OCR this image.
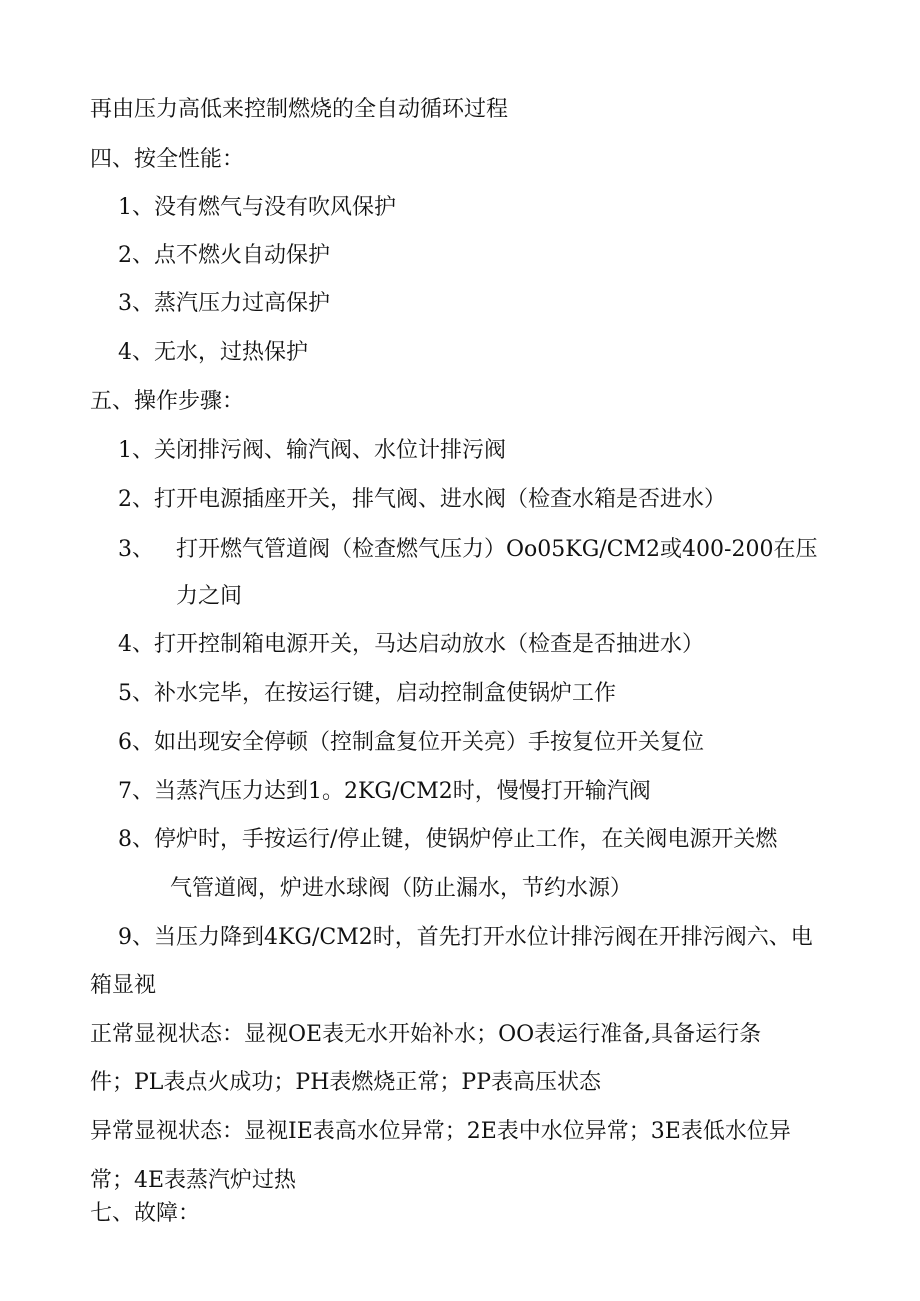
再由压力高低来控制燃烧的全自动循环过程
四、按全性能：
1、没有燃气与没有吹风保护
2、点不燃火自动保护
3、蒸汽压力过高保护
4、无水，过热保护
五、操作步骤：
1、关闭排污阀、输汽阀、水位计排污阀
2、打开电源插座开关，排气阀、进水阀（检查水箱是否进水）
3、 打开燃气管道阀（检查燃气压力）Oo05KG/CM2或400-200在压
力之间
4、打开控制箱电源开关，马达启动放水（检查是否抽进水）
5、补水完毕，在按运行键，启动控制盒使锅炉工作
6、如出现安全停顿（控制盒复位开关亮）手按复位开关复位
7、当蒸汽压力达到1。2KG/CM2时，慢慢打开输汽阀
8、停炉时，手按运行/停止键，使锅炉停止工作，在关阀电源开关燃
气管道阀，炉进水球阀（防止漏水，节约水源）
9、当压力降到4KG/CM2时，首先打开水位计排污阀在开排污阀六、电
箱显视
正常显视状态：显视OE表无水开始补水；OO表运行准备,具备运行条
件；PL表点火成功；PH表燃烧正常；PP表高压状态
异常显视状态：显视IE表高水位异常；2E表中水位异常；3E表低水位异
常；4E表蒸汽炉过热
七、故障：
